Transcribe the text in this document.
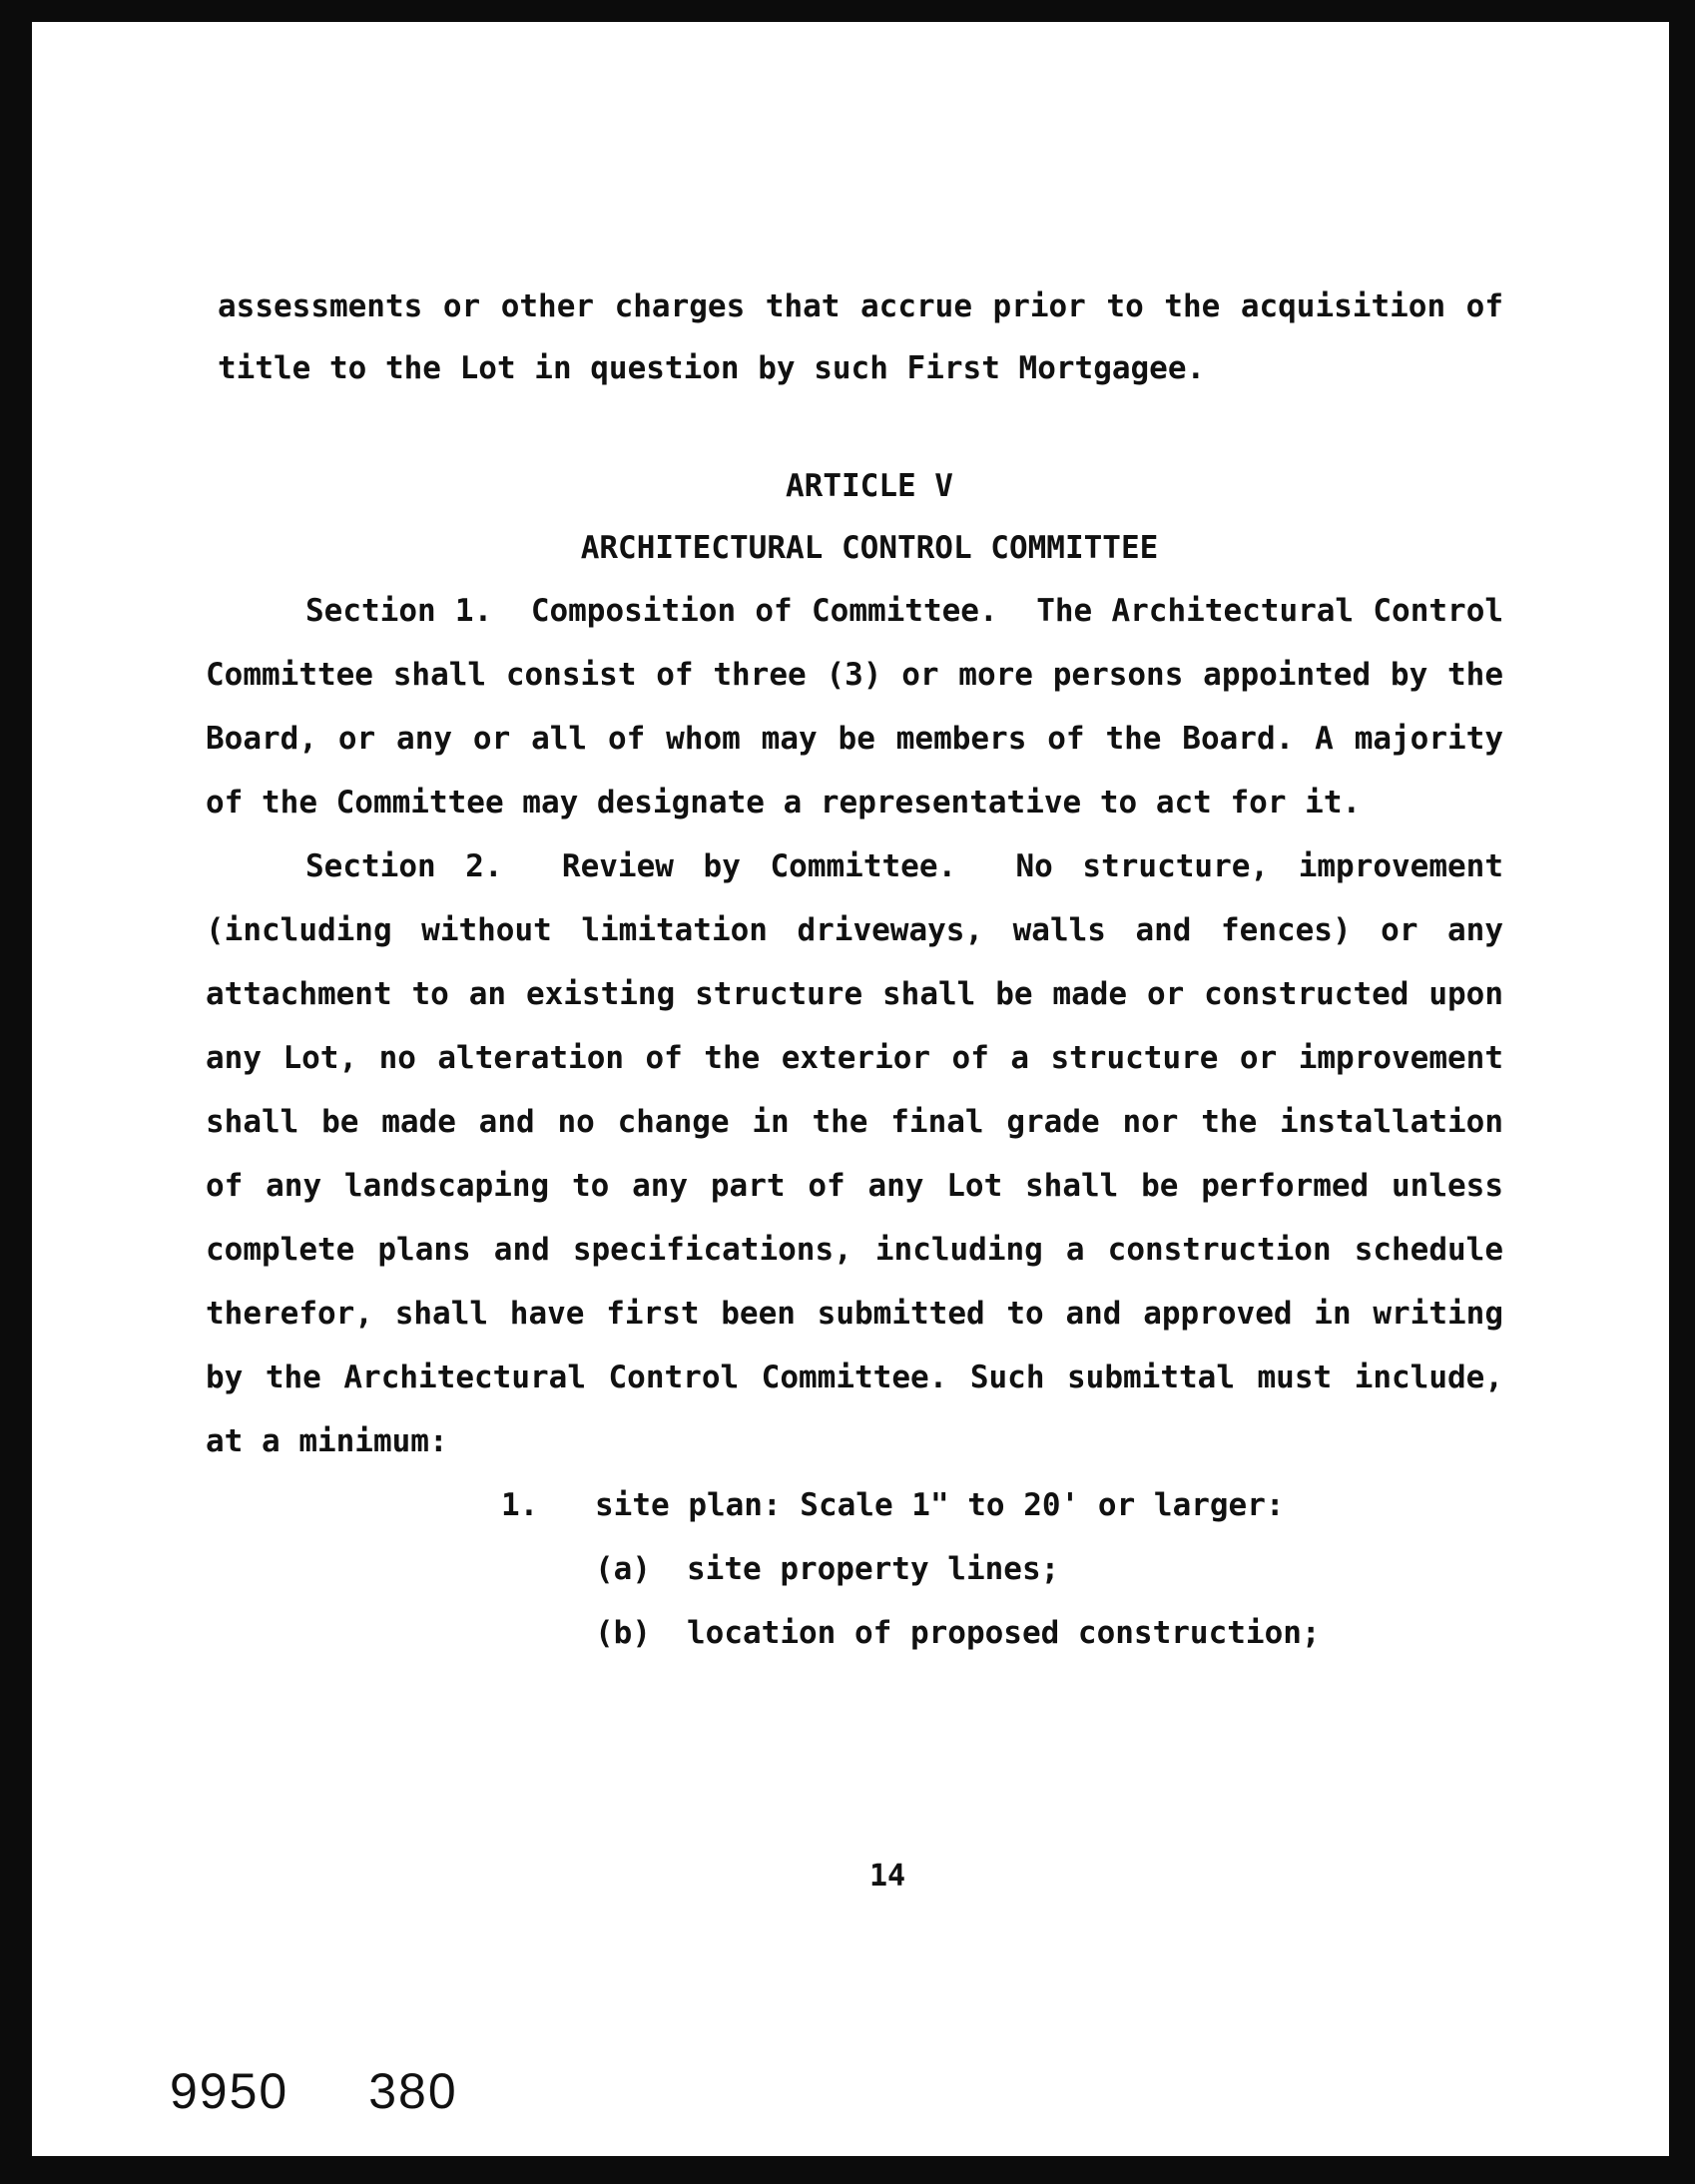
assessments or other charges that accrue prior to the acquisition of title to the Lot in question by such First Mortgagee.

ARTICLE V

ARCHITECTURAL CONTROL COMMITTEE

Section 1. Composition of Committee. The Architectural Control Committee shall consist of three (3) or more persons appointed by the Board, or any or all of whom may be members of the Board. A majority of the Committee may designate a representative to act for it.

Section 2. Review by Committee. No structure, improvement (including without limitation driveways, walls and fences) or any attachment to an existing structure shall be made or constructed upon any Lot, no alteration of the exterior of a structure or improvement shall be made and no change in the final grade nor the installation of any landscaping to any part of any Lot shall be performed unless complete plans and specifications, including a construction schedule therefor, shall have first been submitted to and approved in writing by the Architectural Control Committee. Such submittal must include, at a minimum:

1. site plan: Scale 1" to 20' or larger:
(a) site property lines;
(b) location of proposed construction;
14
9950 380
